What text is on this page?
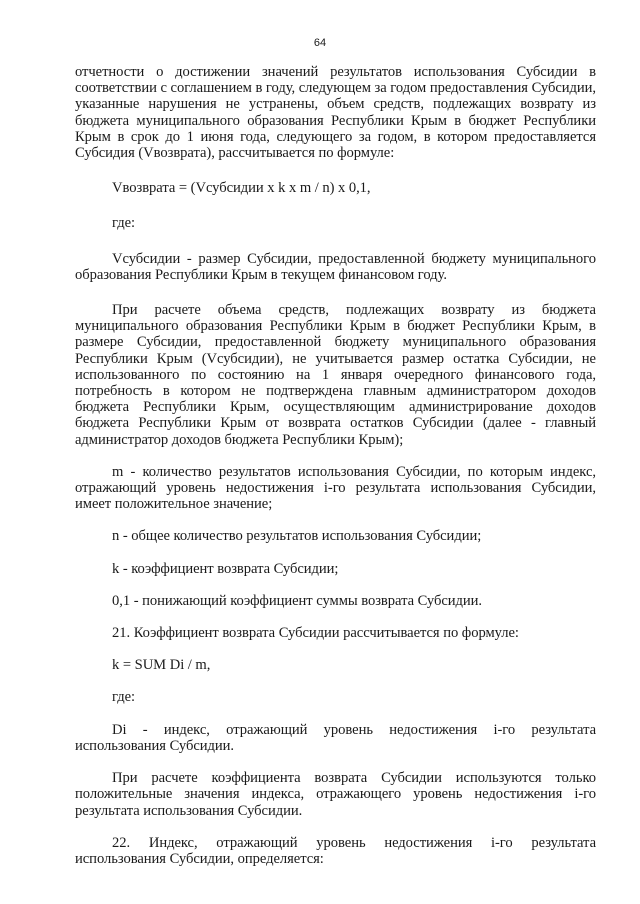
64

отчетности о достижении значений результатов использования Субсидии в соответствии с соглашением в году, следующем за годом предоставления Субсидии, указанные нарушения не устранены, объем средств, подлежащих возврату из бюджета муниципального образования Республики Крым в бюджет Республики Крым в срок до 1 июня года, следующего за годом, в котором предоставляется Субсидия (Vвозврата), рассчитывается по формуле:

Vвозврата = (Vсубсидии x k x m / n) x 0,1,

где:

Vсубсидии - размер Субсидии, предоставленной бюджету муниципального образования Республики Крым в текущем финансовом году.

При расчете объема средств, подлежащих возврату из бюджета муниципального образования Республики Крым в бюджет Республики Крым, в размере Субсидии, предоставленной бюджету муниципального образования Республики Крым (Vсубсидии), не учитывается размер остатка Субсидии, не использованного по состоянию на 1 января очередного финансового года, потребность в котором не подтверждена главным администратором доходов бюджета Республики Крым, осуществляющим администрирование доходов бюджета Республики Крым от возврата остатков Субсидии (далее - главный администратор доходов бюджета Республики Крым);

m - количество результатов использования Субсидии, по которым индекс, отражающий уровень недостижения i-го результата использования Субсидии, имеет положительное значение;

n - общее количество результатов использования Субсидии;

k - коэффициент возврата Субсидии;

0,1 - понижающий коэффициент суммы возврата Субсидии.

21. Коэффициент возврата Субсидии рассчитывается по формуле:

k = SUM Di / m,

где:

Di - индекс, отражающий уровень недостижения i-го результата использования Субсидии.

При расчете коэффициента возврата Субсидии используются только положительные значения индекса, отражающего уровень недостижения i-го результата использования Субсидии.

22. Индекс, отражающий уровень недостижения i-го результата использования Субсидии, определяется:
